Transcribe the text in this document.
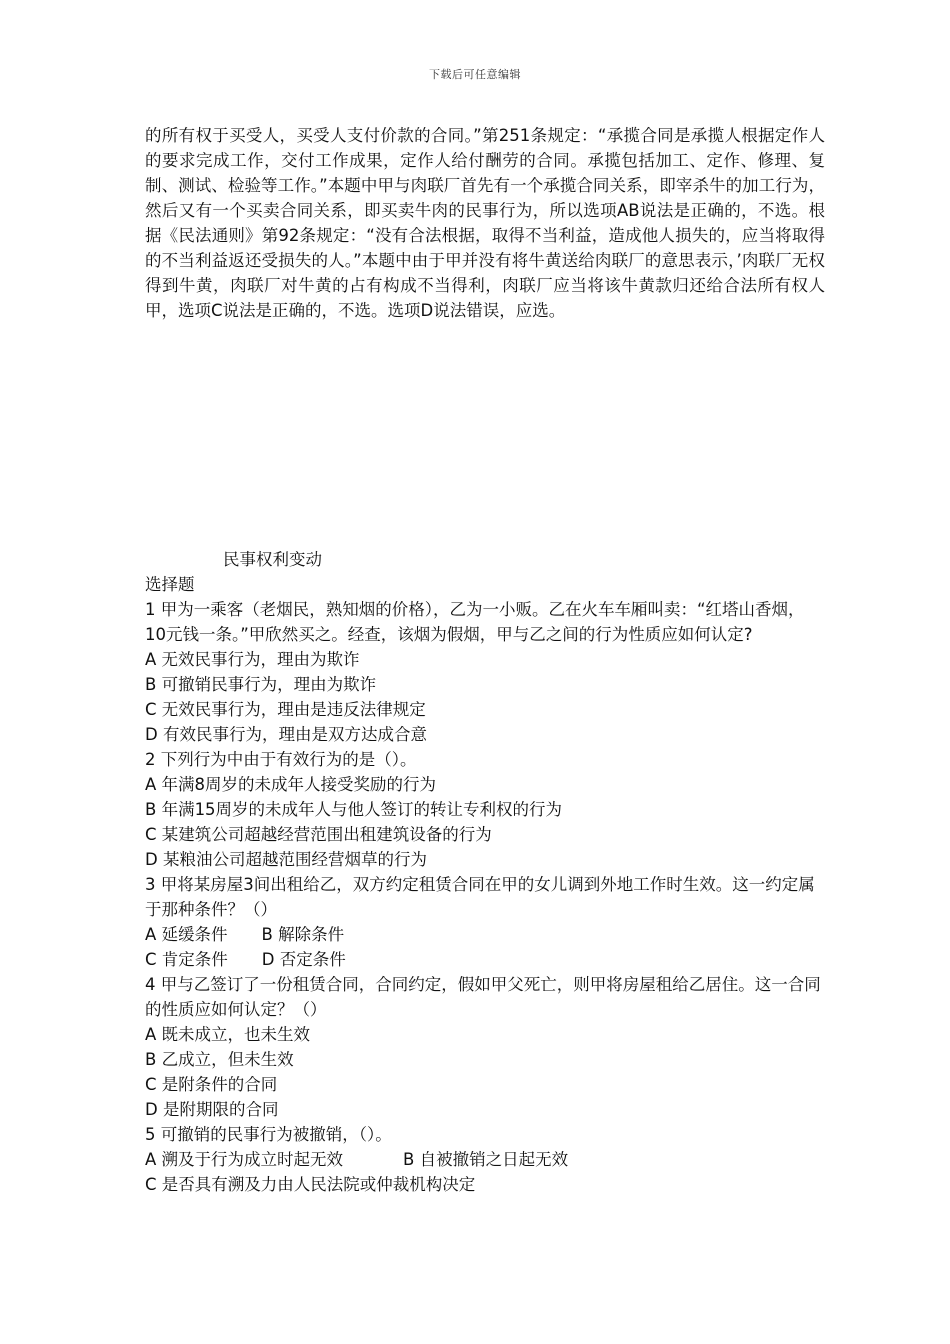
下载后可任意编辑

的所有权于买受人，买受人支付价款的合同。”第251条规定：“承揽合同是承揽人根据定作人的要求完成工作，交付工作成果，定作人给付酬劳的合同。承揽包括加工、定作、修理、复制、测试、检验等工作。”本题中甲与肉联厂首先有一个承揽合同关系，即宰杀牛的加工行为，然后又有一个买卖合同关系，即买卖牛肉的民事行为，所以选项AB说法是正确的，不选。根据《民法通则》第92条规定：“没有合法根据，取得不当利益，造成他人损失的，应当将取得的不当利益返还受损失的人。”本题中由于甲并没有将牛黄送给肉联厂的意思表示，’肉联厂无权得到牛黄，肉联厂对牛黄的占有构成不当得利，肉联厂应当将该牛黄款归还给合法所有权人甲，选项C说法是正确的，不选。选项D说法错误，应选。

民事权利变动
选择题
1 甲为一乘客（老烟民，熟知烟的价格），乙为一小贩。乙在火车车厢叫卖：“红塔山香烟，10元钱一条。”甲欣然买之。经查，该烟为假烟，甲与乙之间的行为性质应如何认定?
A 无效民事行为，理由为欺诈
B 可撤销民事行为，理由为欺诈
C 无效民事行为，理由是违反法律规定
D 有效民事行为，理由是双方达成合意
2 下列行为中由于有效行为的是（）。
A 年满8周岁的未成年人接受奖励的行为
B 年满15周岁的未成年人与他人签订的转让专利权的行为
C 某建筑公司超越经营范围出租建筑设备的行为
D 某粮油公司超越范围经营烟草的行为
3 甲将某房屋3间出租给乙，双方约定租赁合同在甲的女儿调到外地工作时生效。这一约定属于那种条件？（）
A 延缓条件 B 解除条件
C 肯定条件 D 否定条件
4 甲与乙签订了一份租赁合同，合同约定，假如甲父死亡，则甲将房屋租给乙居住。这一合同的性质应如何认定？（）
A 既未成立，也未生效
B 乙成立，但未生效
C 是附条件的合同
D 是附期限的合同
5 可撤销的民事行为被撤销，（）。
A 溯及于行为成立时起无效	B 自被撤销之日起无效
C 是否具有溯及力由人民法院或仲裁机构决定
